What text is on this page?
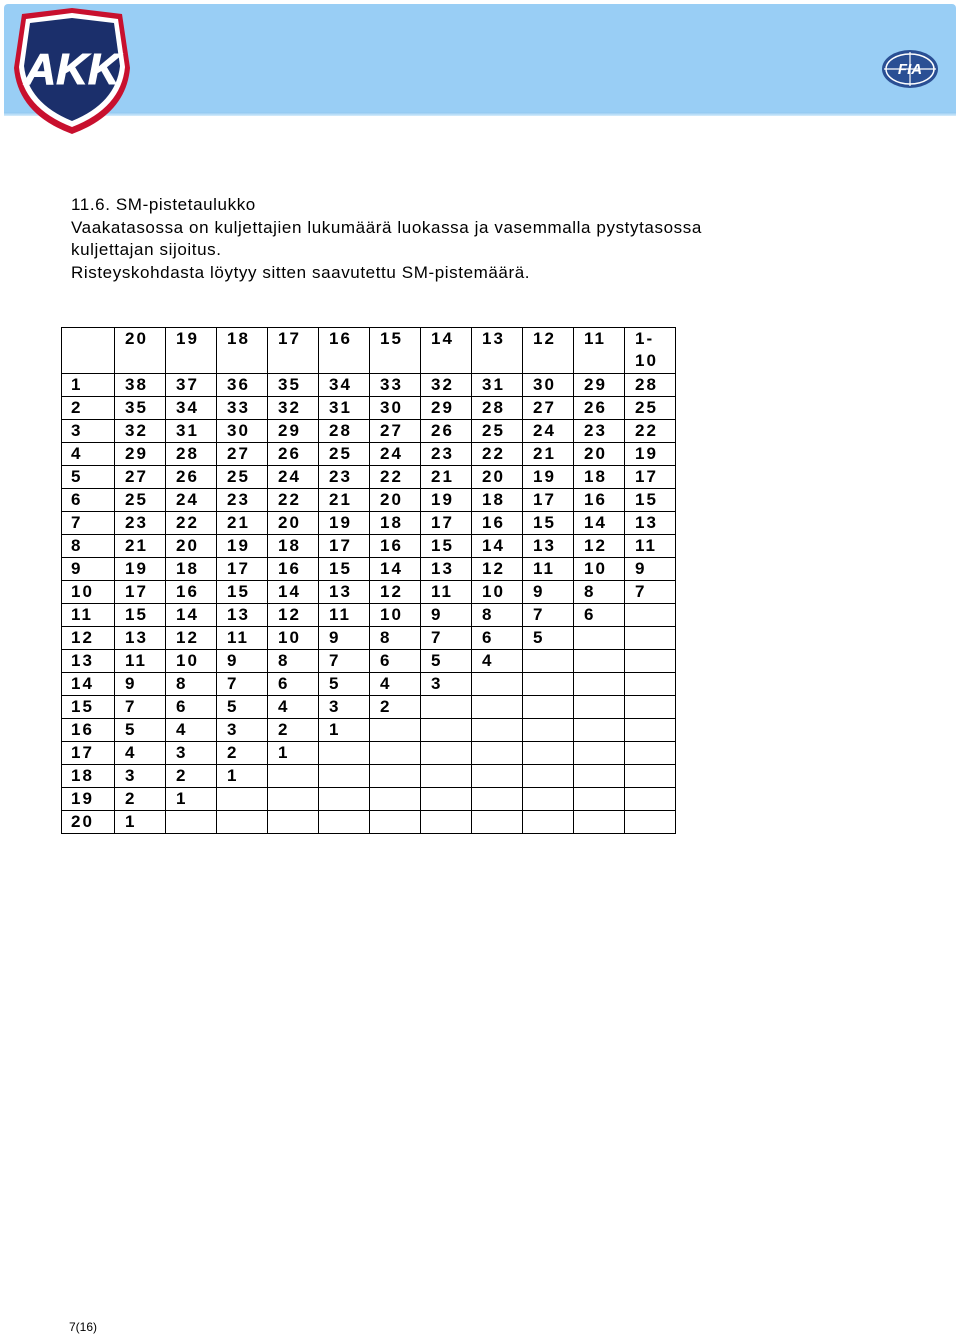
AKK	FIA
11.6. SM-pistetaulukko
Vaakatasossa on kuljettajien lukumäärä luokassa ja vasemmalla pystytasossa
kuljettajan sijoitus.
Risteyskohdasta löytyy sitten saavutettu SM-pistemäärä.
	20	19	18	17	16	15	14	13	12	11	1-
10
1	38	37	36	35	34	33	32	31	30	29	28
2	35	34	33	32	31	30	29	28	27	26	25
3	32	31	30	29	28	27	26	25	24	23	22
4	29	28	27	26	25	24	23	22	21	20	19
5	27	26	25	24	23	22	21	20	19	18	17
6	25	24	23	22	21	20	19	18	17	16	15
7	23	22	21	20	19	18	17	16	15	14	13
8	21	20	19	18	17	16	15	14	13	12	11
9	19	18	17	16	15	14	13	12	11	10	9
10	17	16	15	14	13	12	11	10	9	8	7
11	15	14	13	12	11	10	9	8	7	6	
12	13	12	11	10	9	8	7	6	5		
13	11	10	9	8	7	6	5	4			
14	9	8	7	6	5	4	3				
15	7	6	5	4	3	2					
16	5	4	3	2	1						
17	4	3	2	1							
18	3	2	1								
19	2	1									
20	1										
7(16)
